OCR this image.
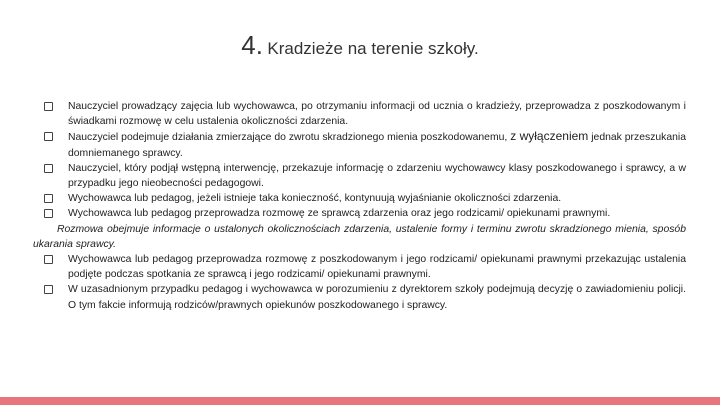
4. Kradzieże na terenie szkoły.
Nauczyciel prowadzący zajęcia lub wychowawca, po otrzymaniu informacji od ucznia o kradzieży, przeprowadza z poszkodowanym i świadkami rozmowę w celu ustalenia okoliczności zdarzenia.
Nauczyciel podejmuje działania zmierzające do zwrotu skradzionego mienia poszkodowanemu, z wyłączeniem jednak przeszukania domniemanego sprawcy.
Nauczyciel, który podjął wstępną interwencję, przekazuje informację o zdarzeniu wychowawcy klasy poszkodowanego i sprawcy, a w przypadku jego nieobecności pedagogowi.
Wychowawca lub pedagog, jeżeli istnieje taka konieczność, kontynuują wyjaśnianie okoliczności zdarzenia.
Wychowawca lub pedagog przeprowadza rozmowę ze sprawcą zdarzenia oraz jego rodzicami/ opiekunami prawnymi.
Rozmowa obejmuje informacje o ustalonych okolicznościach zdarzenia, ustalenie formy i terminu zwrotu skradzionego mienia, sposób ukarania sprawcy.
Wychowawca lub pedagog przeprowadza rozmowę z poszkodowanym i jego rodzicami/ opiekunami prawnymi przekazując ustalenia podjęte podczas spotkania ze sprawcą i jego rodzicami/ opiekunami prawnymi.
W uzasadnionym przypadku pedagog i wychowawca w porozumieniu z dyrektorem szkoły podejmują decyzję o zawiadomieniu policji. O tym fakcie informują rodziców/prawnych opiekunów poszkodowanego i sprawcy.
